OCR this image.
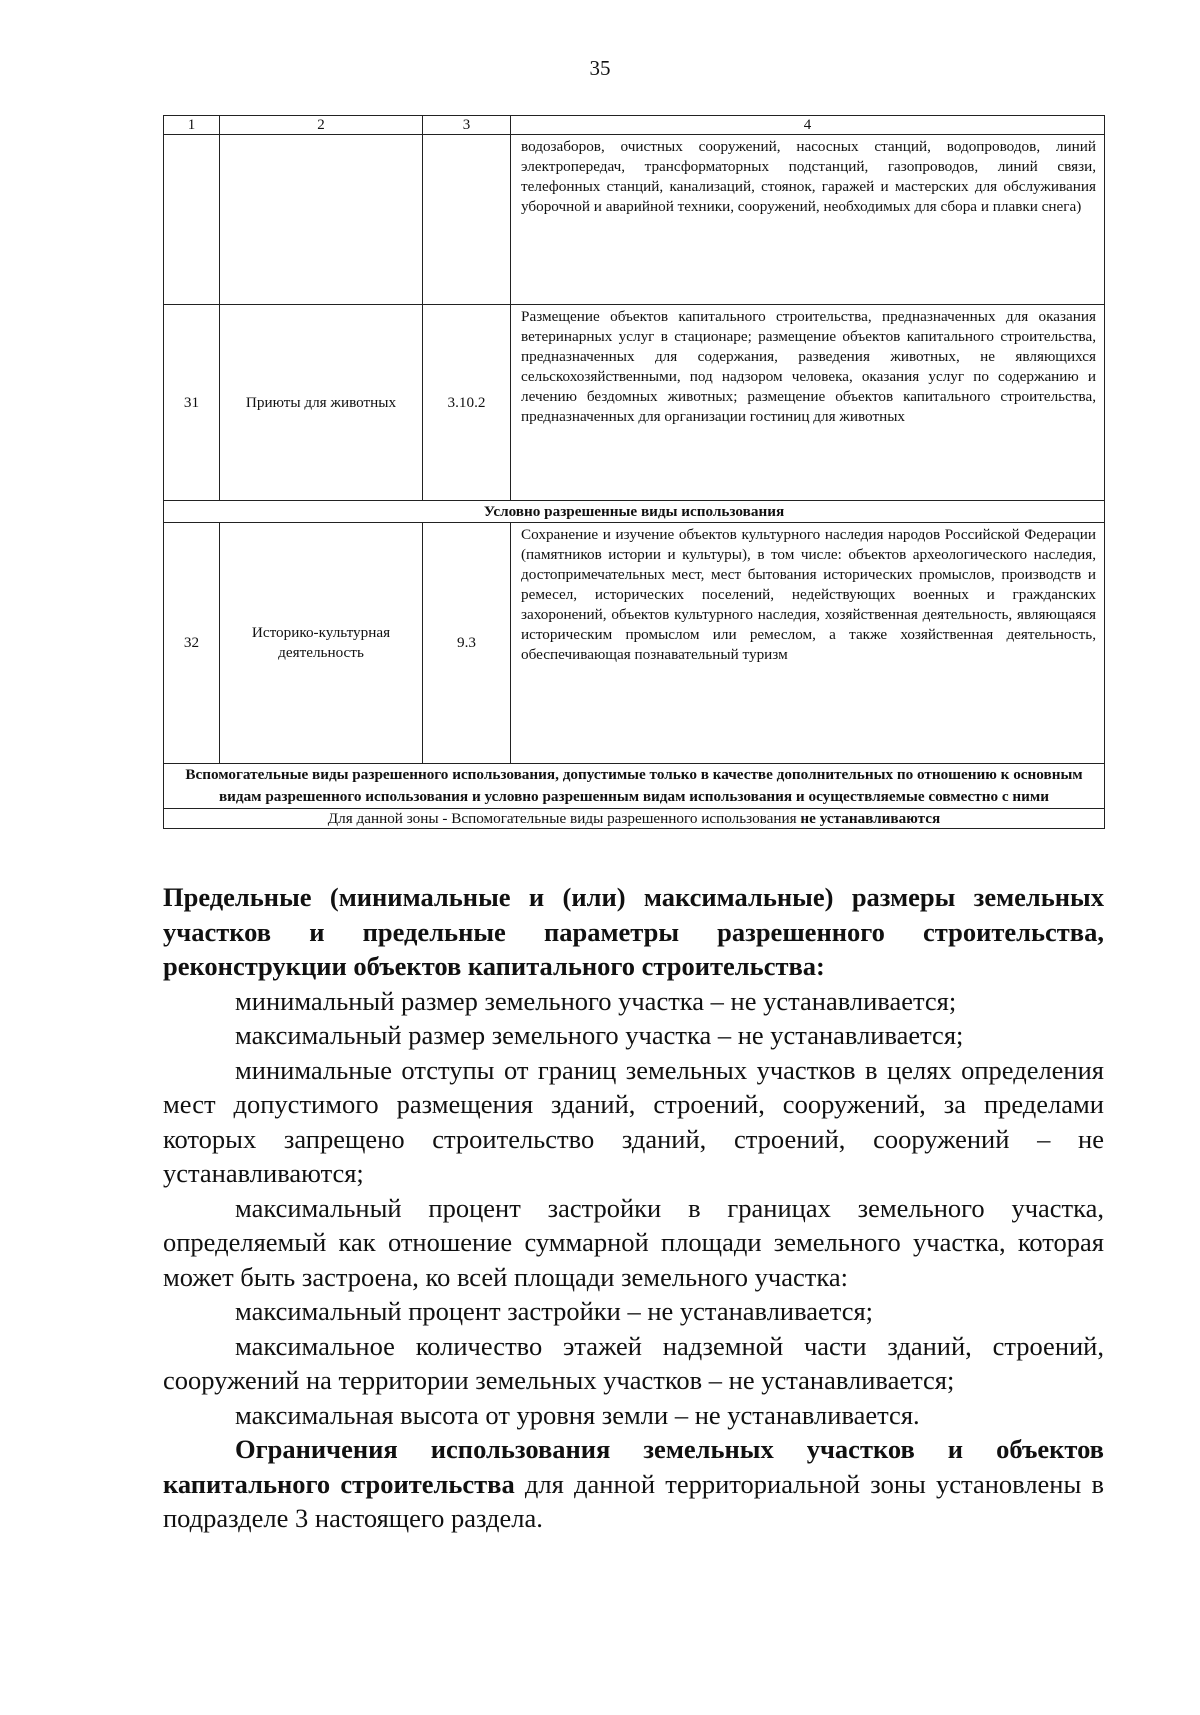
35
1	2	3	4

			водозаборов, очистных сооружений, насосных станций, водопроводов, линий электропередач, трансформаторных подстанций, газопроводов, линий связи, телефонных станций, канализаций, стоянок, гаражей и мастерских для обслуживания уборочной и аварийной техники, сооружений, необходимых для сбора и плавки снега)

31	Приюты для животных	3.10.2	Размещение объектов капитального строительства, предназначенных для оказания ветеринарных услуг в стационаре; размещение объектов капитального строительства, предназначенных для содержания, разведения животных, не являющихся сельскохозяйственными, под надзором человека, оказания услуг по содержанию и лечению бездомных животных; размещение объектов капитального строительства, предназначенных для организации гостиниц для животных

Условно разрешенные виды использования			
32	Историко-культурная деятельность	9.3	Сохранение и изучение объектов культурного наследия народов Российской Федерации (памятников истории и культуры), в том числе: объектов археологического наследия, достопримечательных мест, мест бытования исторических промыслов, производств и ремесел, исторических поселений, недействующих военных и гражданских захоронений, объектов культурного наследия, хозяйственная деятельность, являющаяся историческим промыслом или ремеслом, а также хозяйственная деятельность, обеспечивающая познавательный туризм

Вспомогательные виды разрешенного использования, допустимые только в качестве дополнительных по отношению к основным видам разрешенного использования и условно разрешенным видам использования и осуществляемые совместно с ними			
Для данной зоны - Вспомогательные виды разрешенного использования не устанавливаются			

Предельные (минимальные и (или) максимальные) размеры земельных участков и предельные параметры разрешенного строительства, реконструкции объектов капитального строительства:

минимальный размер земельного участка – не устанавливается;

максимальный размер земельного участка – не устанавливается;

минимальные отступы от границ земельных участков в целях определения мест допустимого размещения зданий, строений, сооружений, за пределами которых запрещено строительство зданий, строений, сооружений – не устанавливаются;

максимальный процент застройки в границах земельного участка, определяемый как отношение суммарной площади земельного участка, которая может быть застроена, ко всей площади земельного участка:

максимальный процент застройки – не устанавливается;

максимальное количество этажей надземной части зданий, строений, сооружений на территории земельных участков – не устанавливается;

максимальная высота от уровня земли – не устанавливается.

Ограничения использования земельных участков и объектов капитального строительства для данной территориальной зоны установлены в подразделе 3 настоящего раздела.
